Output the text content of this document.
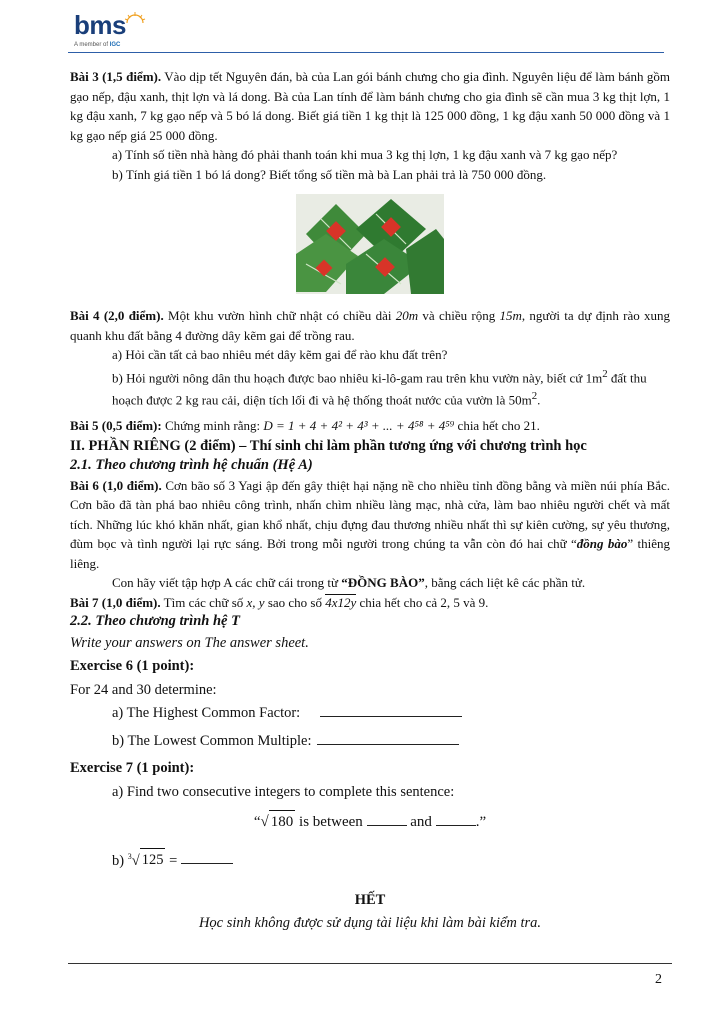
bms
A member of IGC

Bài 3 (1,5 điểm). Vào dịp tết Nguyên đán, bà của Lan gói bánh chưng cho gia đình. Nguyên liệu để làm bánh gồm gạo nếp, đậu xanh, thịt lợn và lá dong. Bà của Lan tính để làm bánh chưng cho gia đình sẽ cần mua 3 kg thịt lợn, 1 kg đậu xanh, 7 kg gạo nếp và 5 bó lá dong. Biết giá tiền 1 kg thịt là 125 000 đồng, 1 kg đậu xanh 50 000 đồng và 1 kg gạo nếp giá 25 000 đồng.

a) Tính số tiền nhà hàng đó phải thanh toán khi mua 3 kg thị lợn, 1 kg đậu xanh và 7 kg gạo nếp?

b) Tính giá tiền 1 bó lá dong? Biết tổng số tiền mà bà Lan phải trả là 750 000 đồng.

Bài 4 (2,0 điểm). Một khu vườn hình chữ nhật có chiều dài 20m và chiều rộng 15m, người ta dự định rào xung quanh khu đất bằng 4 đường dây kẽm gai để trồng rau.

a) Hỏi cần tất cả bao nhiêu mét dây kẽm gai để rào khu đất trên?

b) Hỏi người nông dân thu hoạch được bao nhiêu ki-lô-gam rau trên khu vườn này, biết cứ $1m^2$ đất thu hoạch được 2 kg rau cải, diện tích lối đi và hệ thống thoát nước của vườn là $50m^2$.

Bài 5 (0,5 điểm): Chứng minh rằng: D = 1 + 4 + 4² + 4³ + ... + 4⁵⁸ + 4⁵⁹ chia hết cho 21.

II. PHẦN RIÊNG (2 điểm) – Thí sinh chỉ làm phần tương ứng với chương trình học

2.1. Theo chương trình hệ chuẩn (Hệ A)

Bài 6 (1,0 điểm). Cơn bão số 3 Yagi ập đến gây thiệt hại nặng nề cho nhiều tỉnh đồng bằng và miền núi phía Bắc. Cơn bão đã tàn phá bao nhiêu công trình, nhấn chìm nhiều làng mạc, nhà cửa, làm bao nhiêu người chết và mất tích. Những lúc khó khăn nhất, gian khổ nhất, chịu đựng đau thương nhiều nhất thì sự kiên cường, sự yêu thương, đùm bọc và tình người lại rực sáng. Bởi trong mỗi người trong chúng ta vẫn còn đó hai chữ “đồng bào” thiêng liêng.

Con hãy viết tập hợp A các chữ cái trong từ “ĐỒNG BÀO”, bằng cách liệt kê các phần tử.

Bài 7 (1,0 điểm). Tìm các chữ số x, y sao cho số 4x12y chia hết cho cả 2, 5 và 9.

2.2. Theo chương trình hệ T

Write your answers on The answer sheet.

Exercise 6 (1 point):

For 24 and 30 determine:

a) The Highest Common Factor:

b) The Lowest Common Multiple:

Exercise 7 (1 point):

a) Find two consecutive integers to complete this sentence:

“√ 180 is between	and	.”

b) $^3$√ 125 =

HẾT

Học sinh không được sử dụng tài liệu khi làm bài kiểm tra.

2
